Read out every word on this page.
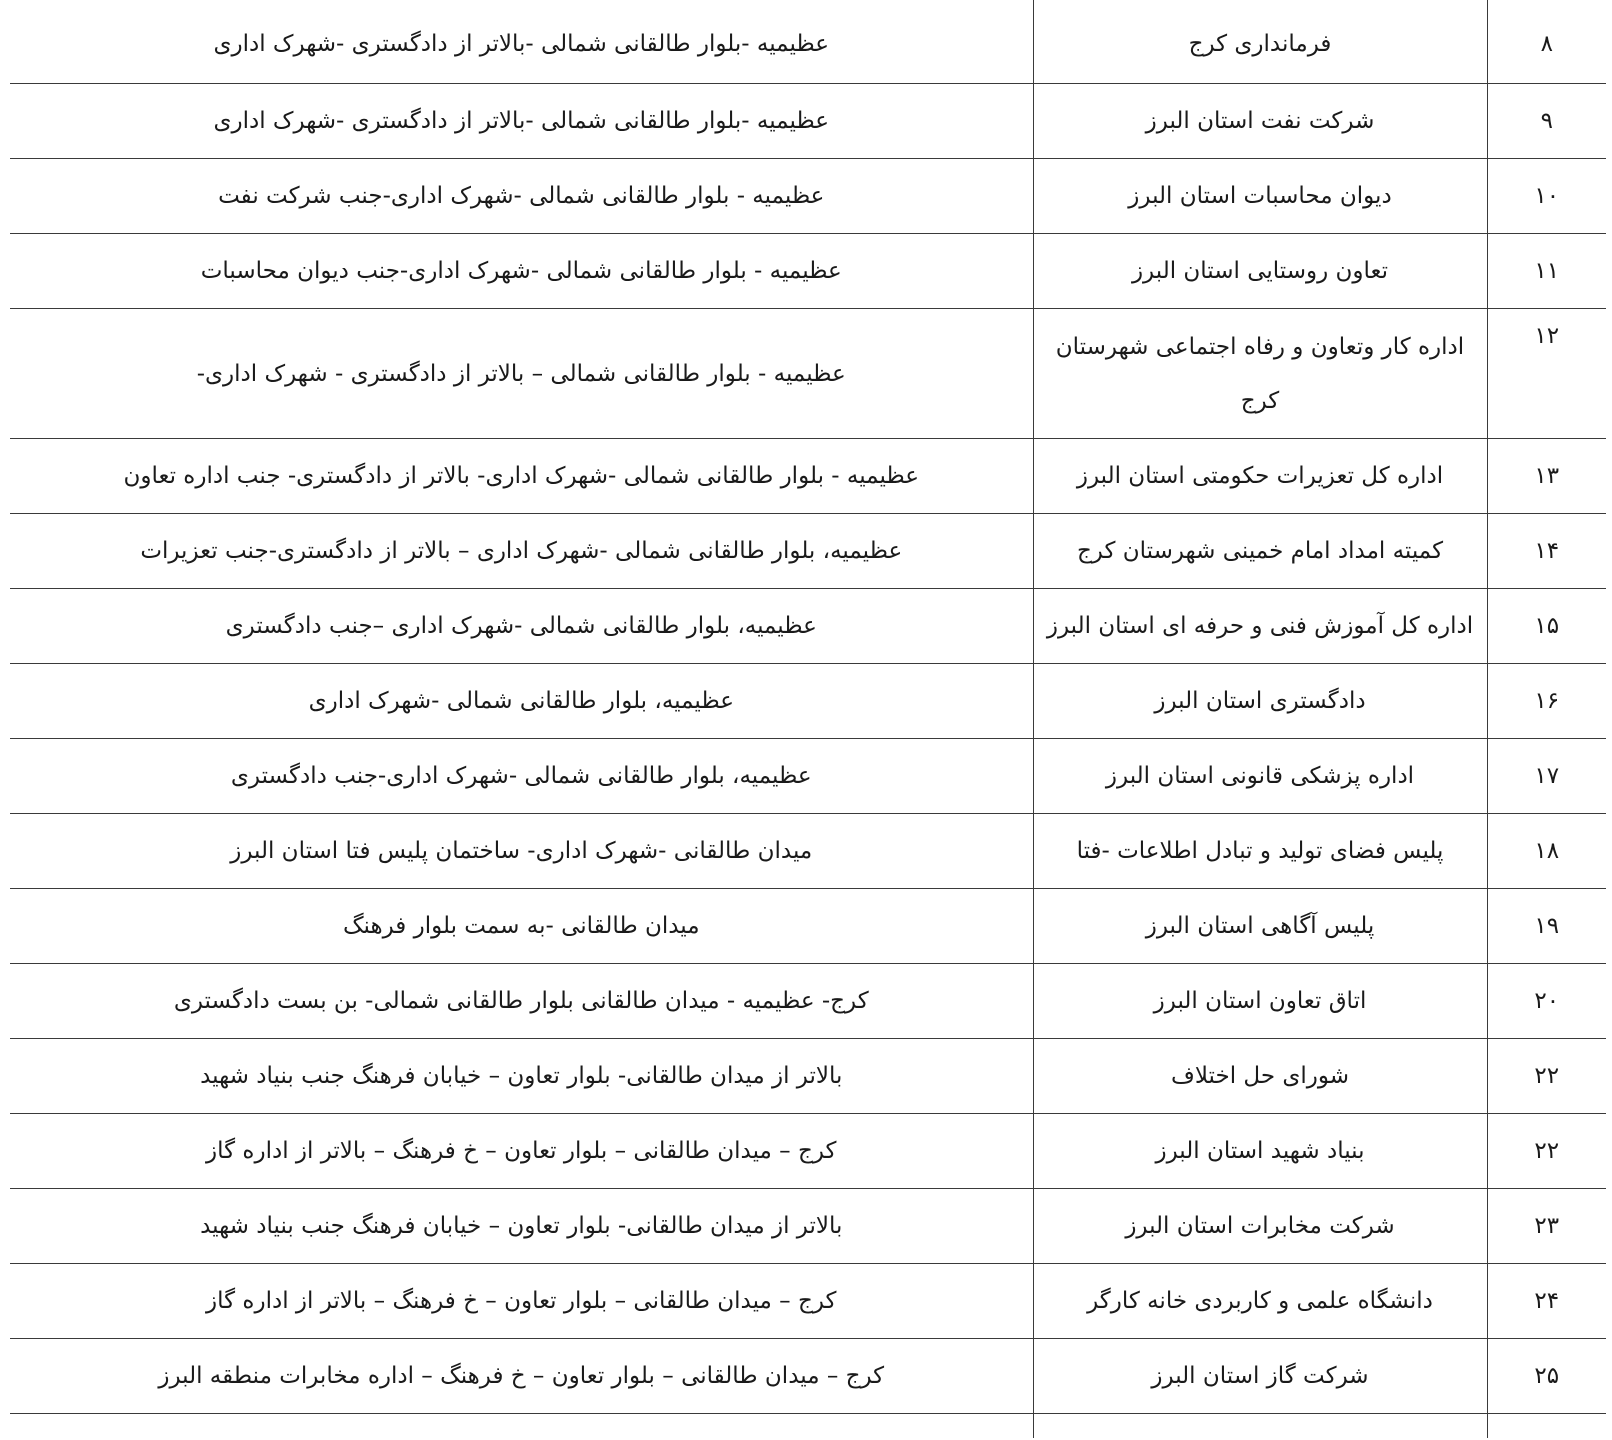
۸	فرمانداری کرج	عظیمیه -بلوار طالقانی شمالی -بالاتر از دادگستری -شهرک اداری
۹	شرکت نفت استان البرز	عظیمیه -بلوار طالقانی شمالی -بالاتر از دادگستری -شهرک اداری
۱۰	دیوان محاسبات استان البرز	عظیمیه - بلوار طالقانی شمالی -شهرک اداری-جنب شرکت نفت
۱۱	تعاون روستایی استان البرز	عظیمیه - بلوار طالقانی شمالی -شهرک اداری-جنب دیوان محاسبات
۱۲	اداره کار وتعاون و رفاه اجتماعی شهرستان کرج	عظیمیه - بلوار طالقانی شمالی – بالاتر از دادگستری - شهرک اداری-
۱۳	اداره کل تعزیرات حکومتی استان البرز	عظیمیه - بلوار طالقانی شمالی -شهرک اداری- بالاتر از دادگستری- جنب اداره تعاون
۱۴	کمیته امداد امام خمینی شهرستان کرج	عظیمیه، بلوار طالقانی شمالی -شهرک اداری – بالاتر از دادگستری-جنب تعزیرات
۱۵	اداره کل آموزش فنی و حرفه ای استان البرز	عظیمیه، بلوار طالقانی شمالی -شهرک اداری –جنب دادگستری
۱۶	دادگستری استان البرز	عظیمیه، بلوار طالقانی شمالی -شهرک اداری
۱۷	اداره پزشکی قانونی استان البرز	عظیمیه، بلوار طالقانی شمالی -شهرک اداری-جنب دادگستری
۱۸	پلیس فضای تولید و تبادل اطلاعات -فتا	میدان طالقانی -شهرک اداری- ساختمان پلیس فتا استان البرز
۱۹	پلیس آگاهی استان البرز	میدان طالقانی -به سمت بلوار فرهنگ
۲۰	اتاق تعاون استان البرز	کرج- عظیمیه - میدان طالقانی بلوار طالقانی شمالی- بن بست دادگستری
۲۲	شورای حل اختلاف	بالاتر از میدان طالقانی- بلوار تعاون – خیابان فرهنگ جنب بنیاد شهید
۲۲	بنیاد شهید استان البرز	کرج – میدان طالقانی – بلوار تعاون – خ فرهنگ – بالاتر از اداره گاز
۲۳	شرکت مخابرات استان البرز	بالاتر از میدان طالقانی- بلوار تعاون – خیابان فرهنگ جنب بنیاد شهید
۲۴	دانشگاه علمی و کاربردی خانه کارگر	کرج – میدان طالقانی – بلوار تعاون – خ فرهنگ – بالاتر از اداره گاز
۲۵	شرکت گاز استان البرز	کرج – میدان طالقانی – بلوار تعاون – خ فرهنگ – اداره مخابرات منطقه البرز
